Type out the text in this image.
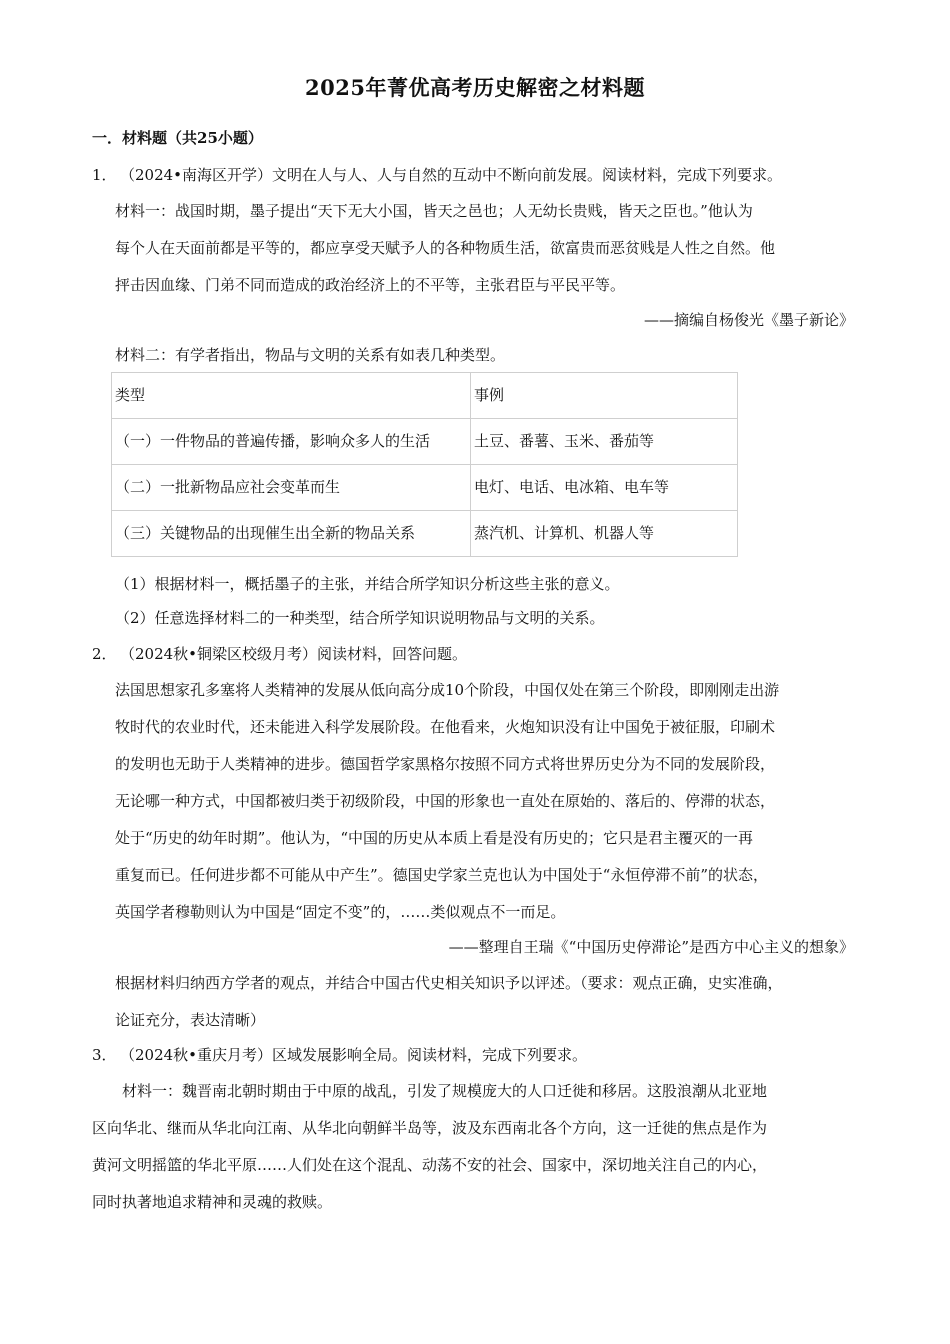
2025年菁优高考历史解密之材料题
一．材料题（共25小题）
1． （2024•南海区开学）文明在人与人、人与自然的互动中不断向前发展。阅读材料，完成下列要求。
材料一：战国时期，墨子提出“天下无大小国，皆天之邑也；人无幼长贵贱，皆天之臣也。”他认为
每个人在天面前都是平等的，都应享受天赋予人的各种物质生活，欲富贵而恶贫贱是人性之自然。他
抨击因血缘、门弟不同而造成的政治经济上的不平等，主张君臣与平民平等。
——摘编自杨俊光《墨子新论》
材料二：有学者指出，物品与文明的关系有如表几种类型。
类型	事例
（一）一件物品的普遍传播，影响众多人的生活	土豆、番薯、玉米、番茄等
（二）一批新物品应社会变革而生	电灯、电话、电冰箱、电车等
（三）关键物品的出现催生出全新的物品关系	蒸汽机、计算机、机器人等
（1）根据材料一，概括墨子的主张，并结合所学知识分析这些主张的意义。
（2）任意选择材料二的一种类型，结合所学知识说明物品与文明的关系。
2． （2024秋•铜梁区校级月考）阅读材料，回答问题。
法国思想家孔多塞将人类精神的发展从低向高分成10个阶段，中国仅处在第三个阶段，即刚刚走出游
牧时代的农业时代，还未能进入科学发展阶段。在他看来，火炮知识没有让中国免于被征服，印刷术
的发明也无助于人类精神的进步。德国哲学家黑格尔按照不同方式将世界历史分为不同的发展阶段，
无论哪一种方式，中国都被归类于初级阶段，中国的形象也一直处在原始的、落后的、停滞的状态，
处于“历史的幼年时期”。他认为，“中国的历史从本质上看是没有历史的；它只是君主覆灭的一再
重复而已。任何进步都不可能从中产生”。德国史学家兰克也认为中国处于“永恒停滞不前”的状态，
英国学者穆勒则认为中国是“固定不变”的，……类似观点不一而足。
——整理自王瑞《“中国历史停滞论”是西方中心主义的想象》
根据材料归纳西方学者的观点，并结合中国古代史相关知识予以评述。（要求：观点正确，史实准确，
论证充分，表达清晰）
3． （2024秋•重庆月考）区域发展影响全局。阅读材料，完成下列要求。
材料一：魏晋南北朝时期由于中原的战乱，引发了规模庞大的人口迁徙和移居。这股浪潮从北亚地
区向华北、继而从华北向江南、从华北向朝鲜半岛等，波及东西南北各个方向，这一迁徙的焦点是作为
黄河文明摇篮的华北平原……人们处在这个混乱、动荡不安的社会、国家中，深切地关注自己的内心，
同时执著地追求精神和灵魂的救赎。
